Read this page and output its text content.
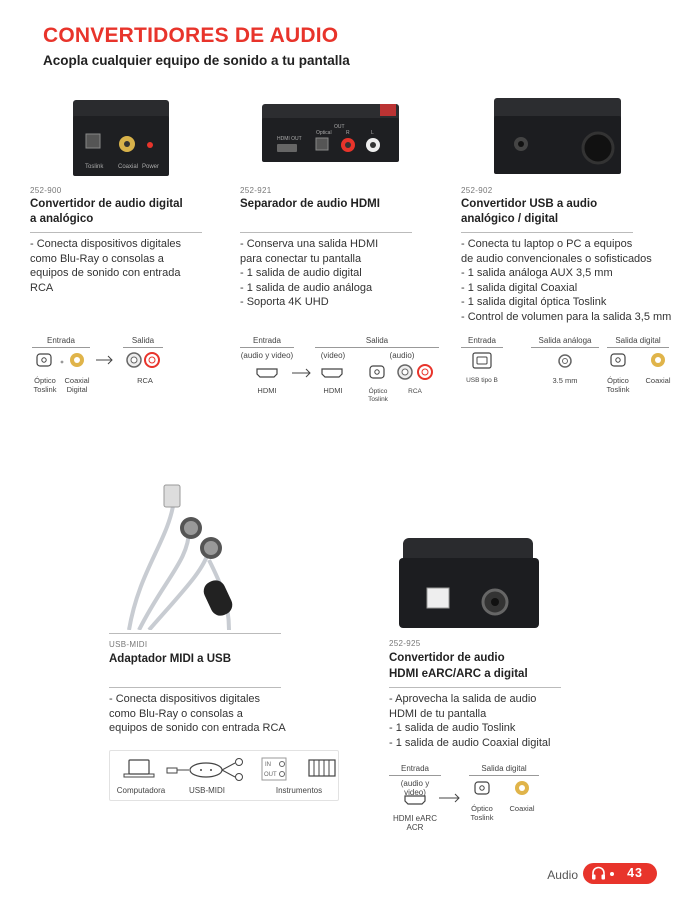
CONVERTIDORES DE AUDIO
Acopla cualquier equipo de sonido a tu pantalla
Toslink Coaxial Power
252-900
Convertidor de audio digital
a analógico
- Conecta dispositivos digitales
como Blu-Ray o consolas a
equipos de sonido con entrada
RCA
Entrada	Salida
Óptico
Toslink
Coaxial
Digital
RCA
HDMI OUT
OUT
Optical	R	L
252-921
Separador de audio HDMI
- Conserva una salida HDMI
para conectar tu pantalla
- 1 salida de audio digital
- 1 salida de audio análoga
- Soporta 4K UHD
Entrada	Salida
(audio y video)	(video)	(audio)
HDMI	HDMI	Óptico
Toslink
RCA
252-902
Convertidor USB a audio
analógico / digital
- Conecta tu laptop o PC a equipos
de audio convencionales o sofisticados
- 1 salida análoga AUX 3,5 mm
- 1 salida digital Coaxial
- 1 salida digital óptica Toslink
- Control de volumen para la salida 3,5 mm
Entrada	Salida análoga	Salida digital
USB tipo B	3.5 mm	Óptico
Toslink
Coaxial
USB-MIDI
Adaptador MIDI a USB
- Conecta dispositivos digitales
como Blu-Ray o consolas a
equipos de sonido con entrada RCA
IN
OUT
Computadora	USB-MIDI	Instrumentos
252-925
Convertidor de audio
HDMI eARC/ARC a digital
- Aprovecha la salida de audio
HDMI de tu pantalla
- 1 salida de audio Toslink
- 1 salida de audio Coaxial digital
Entrada	Salida digital
(audio y video)
HDMI eARC
ACR
Óptico
Toslink
Coaxial
Audio	43
